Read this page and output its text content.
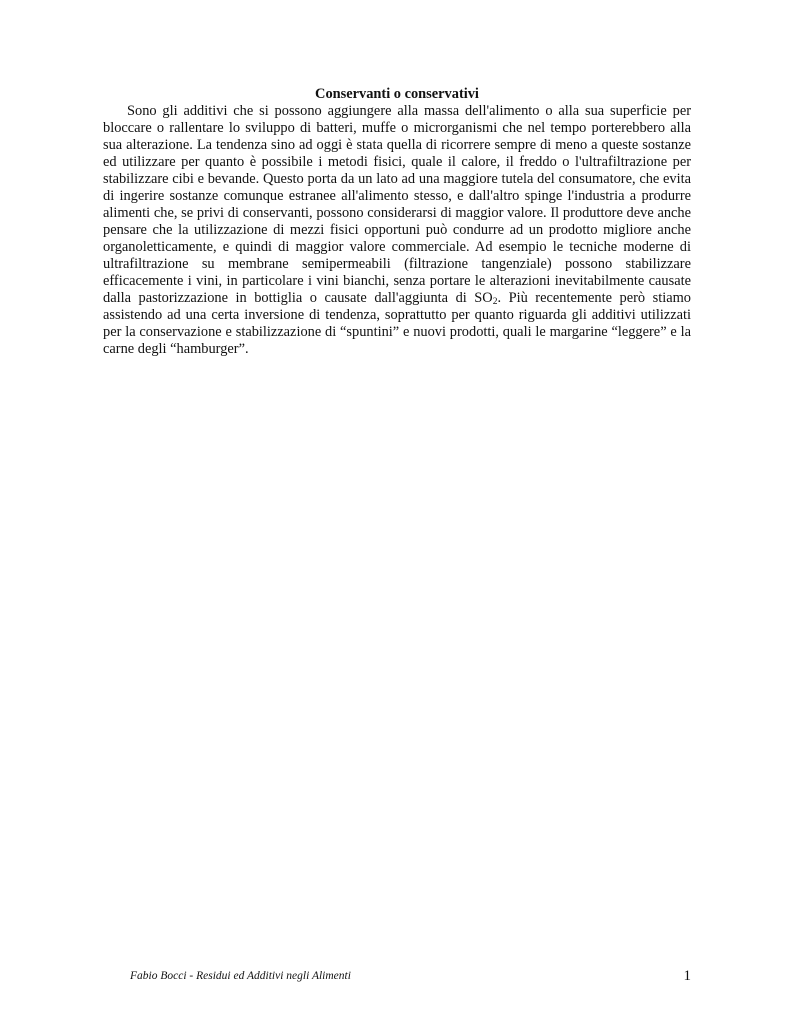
Conservanti o conservativi

Sono gli additivi che si possono aggiungere alla massa dell'alimento o alla sua superficie per bloccare o rallentare lo sviluppo di batteri, muffe o microrganismi che nel tempo porterebbero alla sua alterazione. La tendenza sino ad oggi è stata quella di ricorrere sempre di meno a queste sostanze ed utilizzare per quanto è possibile i metodi fisici, quale il calore, il freddo o l'ultrafiltrazione per stabilizzare cibi e bevande. Questo porta da un lato ad una maggiore tutela del consumatore, che evita di ingerire sostanze comunque estranee all'alimento stesso, e dall'altro spinge l'industria a produrre alimenti che, se privi di conservanti, possono considerarsi di maggior valore. Il produttore deve anche pensare che la utilizzazione di mezzi fisici opportuni può condurre ad un prodotto migliore anche organoletticamente, e quindi di maggior valore commerciale. Ad esempio le tecniche moderne di ultrafiltrazione su membrane semipermeabili (filtrazione tangenziale) possono stabilizzare efficacemente i vini, in particolare i vini bianchi, senza portare le alterazioni inevitabilmente causate dalla pastorizzazione in bottiglia o causate dall'aggiunta di $SO_2$. Più recentemente però stiamo assistendo ad una certa inversione di tendenza, soprattutto per quanto riguarda gli additivi utilizzati per la conservazione e stabilizzazione di “spuntini” e nuovi prodotti, quali le margarine “leggere” e la carne degli “hamburger”.

Fabio Bocci - Residui ed Additivi negli Alimenti	1
